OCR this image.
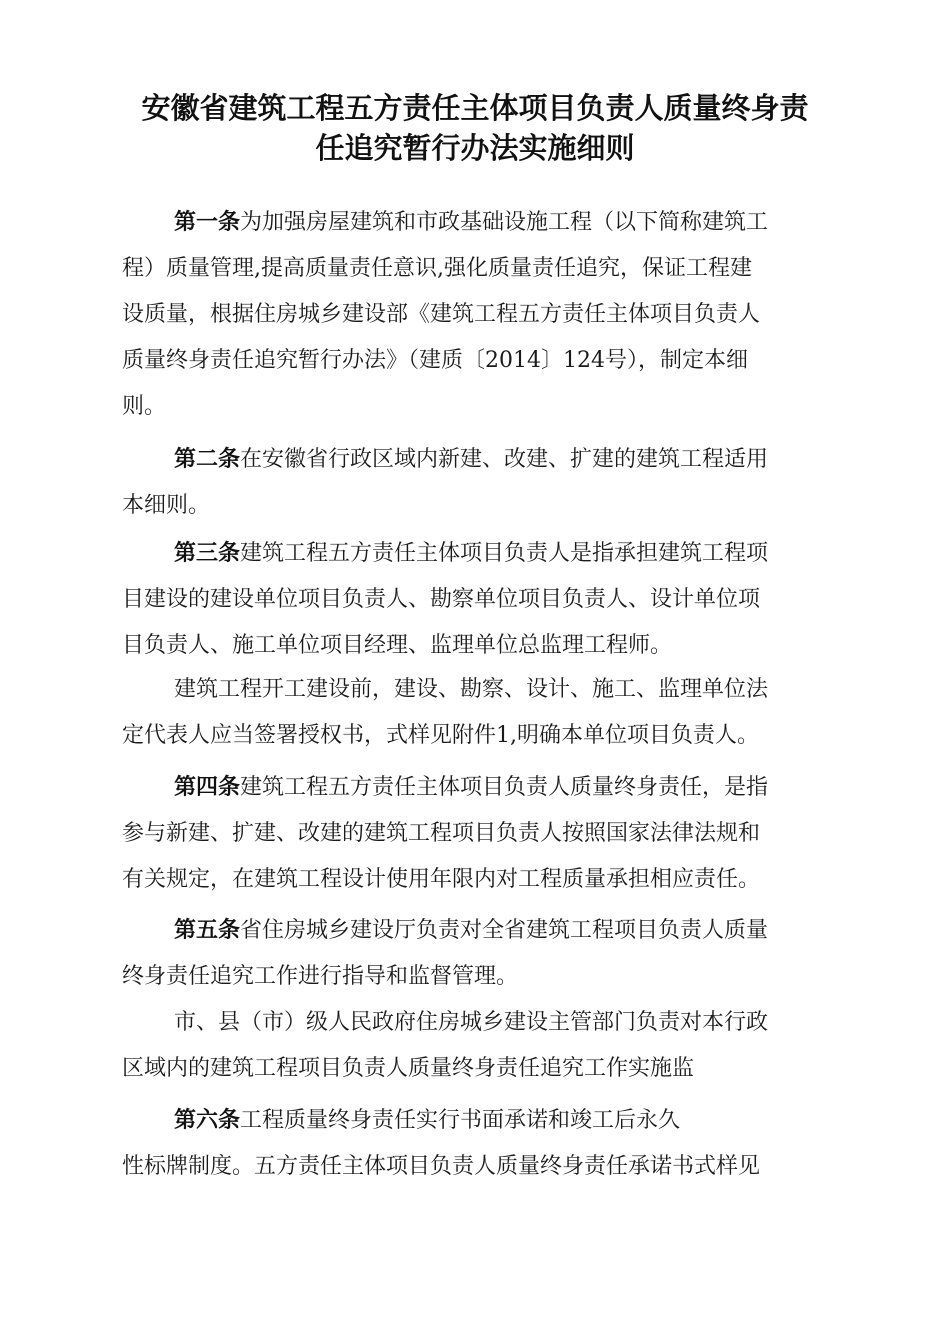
安徽省建筑工程五方责任主体项目负责人质量终身责
任追究暂行办法实施细则
第一条为加强房屋建筑和市政基础设施工程（以下简称建筑工
程）质量管理,提高质量责任意识,强化质量责任追究，保证工程建
设质量，根据住房城乡建设部《建筑工程五方责任主体项目负责人
质量终身责任追究暂行办法》（建质〔2014〕124号），制定本细
则。
第二条在安徽省行政区域内新建、改建、扩建的建筑工程适用
本细则。
第三条建筑工程五方责任主体项目负责人是指承担建筑工程项
目建设的建设单位项目负责人、勘察单位项目负责人、设计单位项
目负责人、施工单位项目经理、监理单位总监理工程师。
建筑工程开工建设前，建设、勘察、设计、施工、监理单位法
定代表人应当签署授权书，式样见附件1,明确本单位项目负责人。
第四条建筑工程五方责任主体项目负责人质量终身责任，是指
参与新建、扩建、改建的建筑工程项目负责人按照国家法律法规和
有关规定，在建筑工程设计使用年限内对工程质量承担相应责任。
第五条省住房城乡建设厅负责对全省建筑工程项目负责人质量
终身责任追究工作进行指导和监督管理。
市、县（市）级人民政府住房城乡建设主管部门负责对本行政
区域内的建筑工程项目负责人质量终身责任追究工作实施监
第六条工程质量终身责任实行书面承诺和竣工后永久
性标牌制度。五方责任主体项目负责人质量终身责任承诺书式样见
